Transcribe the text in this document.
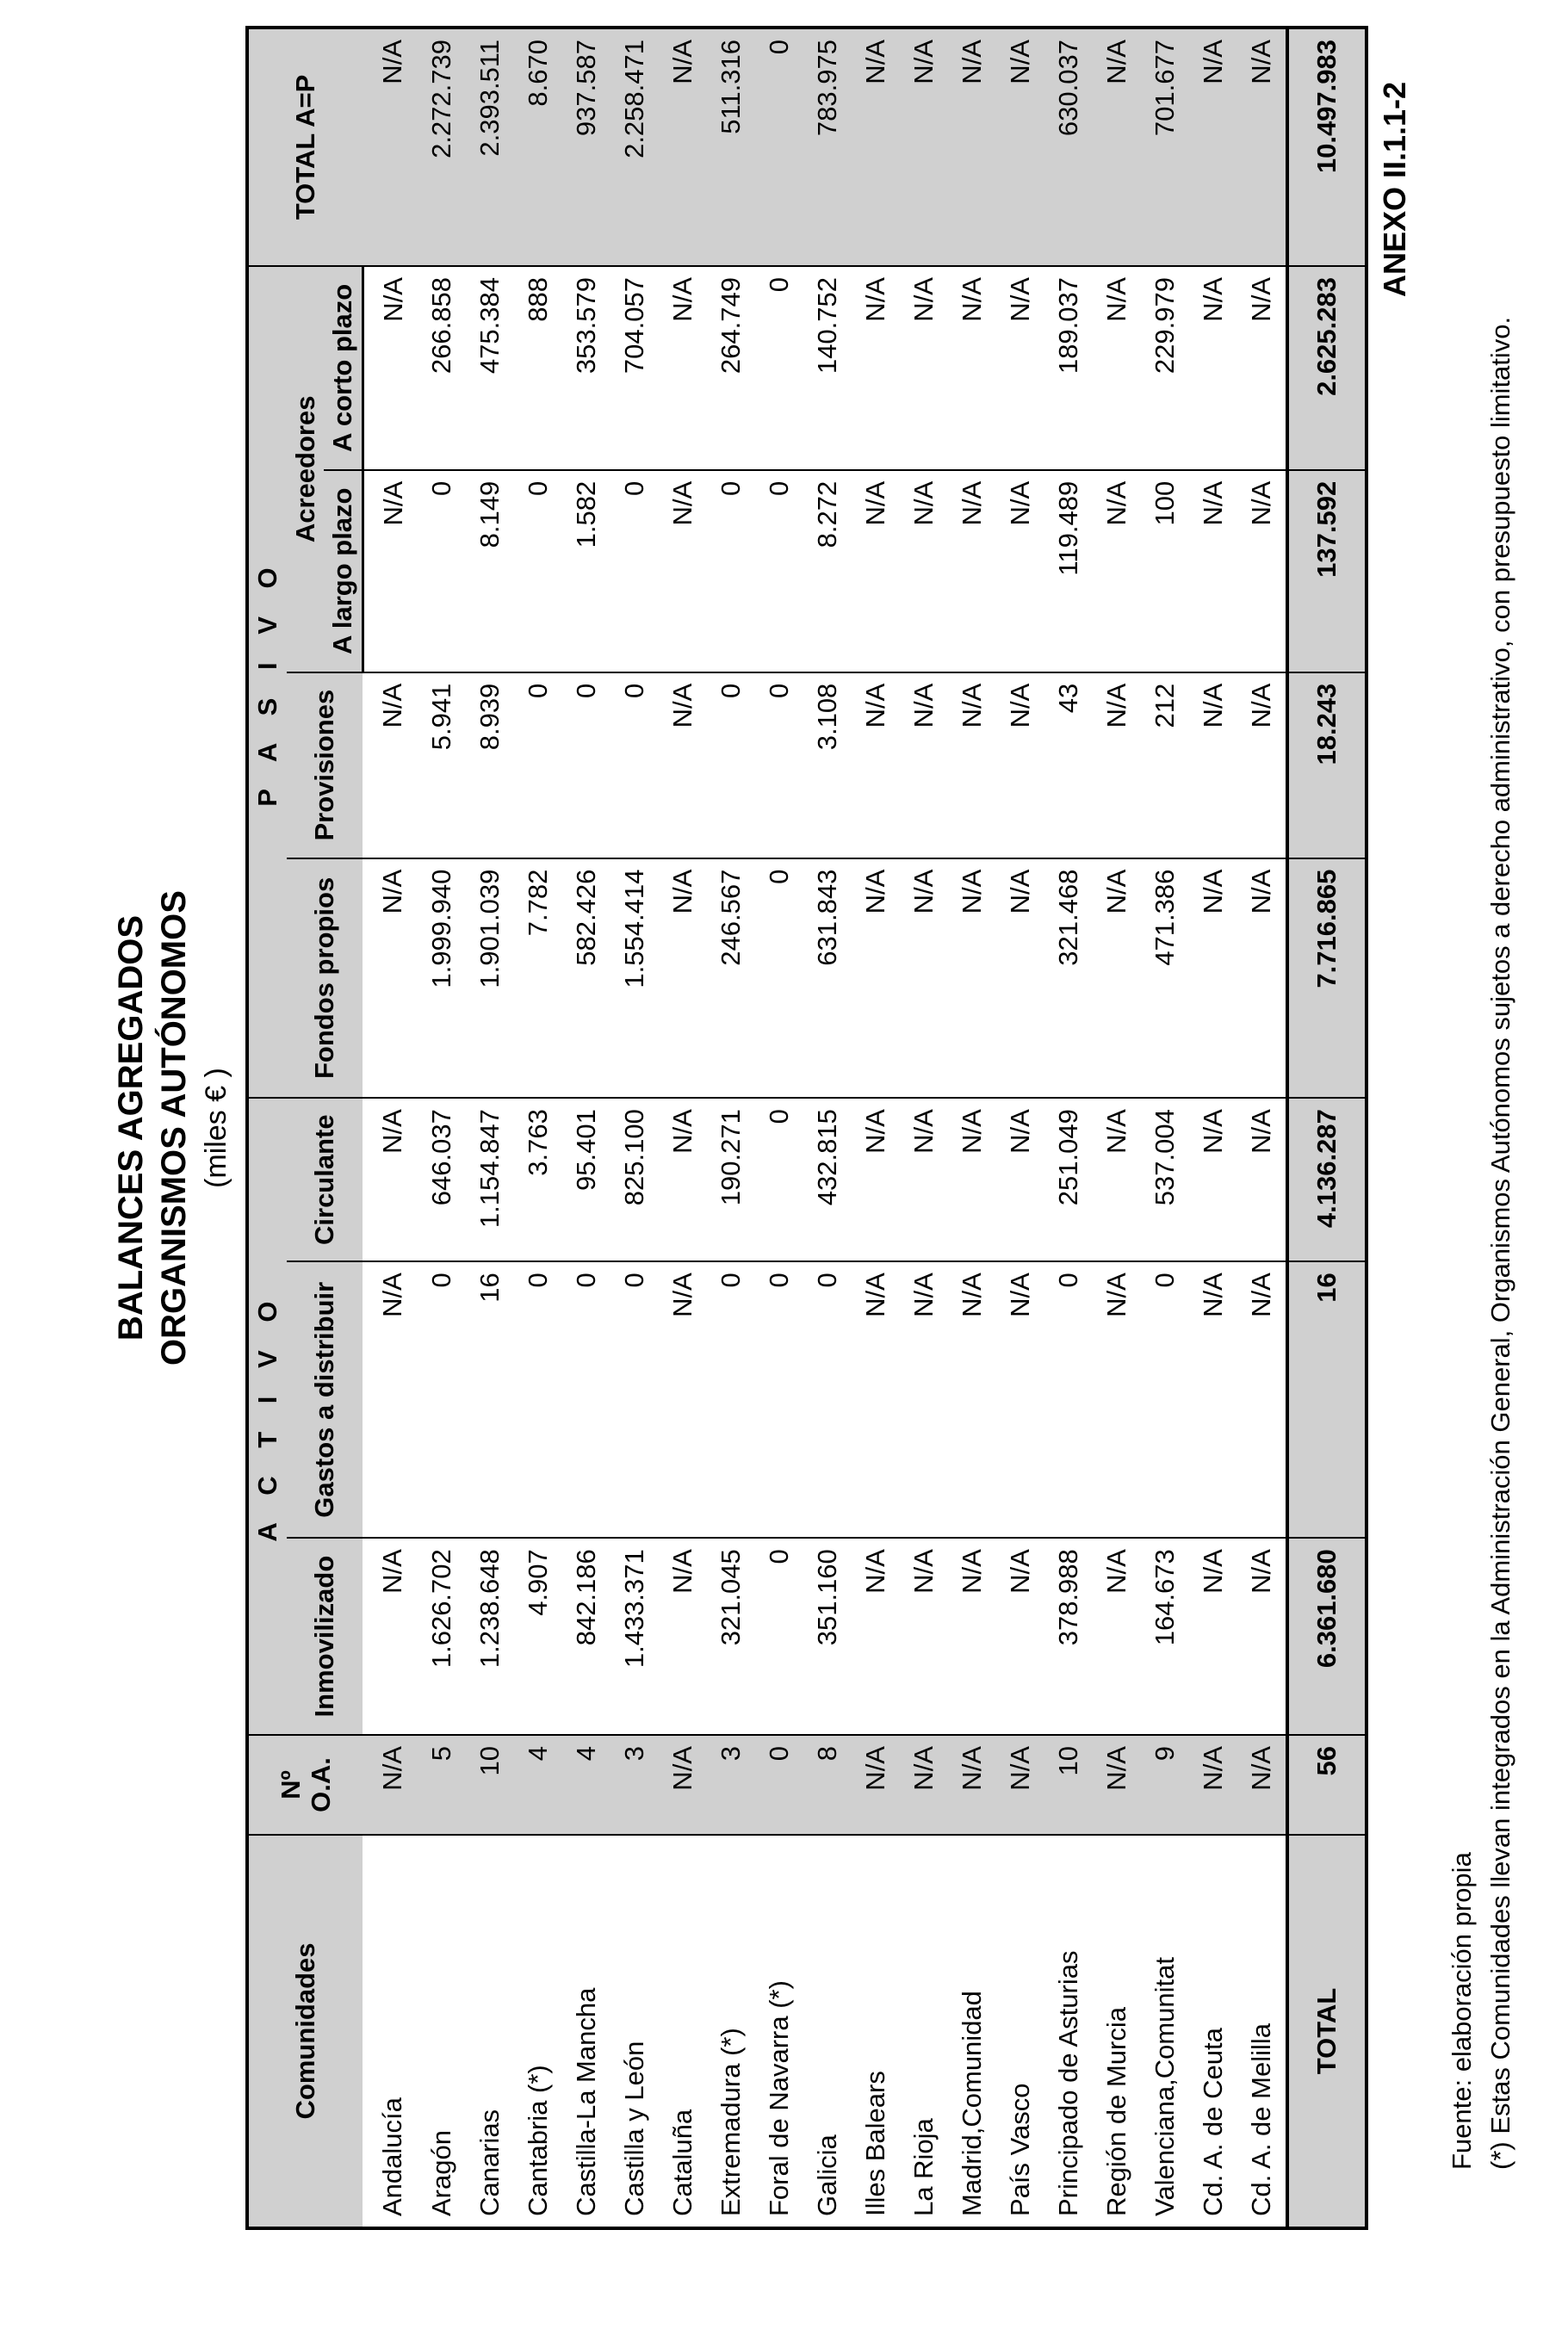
ANEXO II.1.1-2
BALANCES AGREGADOS ORGANISMOS AUTÓNOMOS (miles € )
Comunidades	Nº O.A.	A C T I V O			P A S I V O				TOTAL A=P
		Inmovilizado	Gastos a distribuir	Circulante	Fondos propios	Provisiones	Acreedores		
							A largo plazo	A corto plazo	
Andalucía	N/A	N/A	N/A	N/A	N/A	N/A	N/A	N/A	N/A
Aragón	5	1.626.702	0	646.037	1.999.940	5.941	0	266.858	2.272.739
Canarias	10	1.238.648	16	1.154.847	1.901.039	8.939	8.149	475.384	2.393.511
Cantabria (*)	4	4.907	0	3.763	7.782	0	0	888	8.670
Castilla-La Mancha	4	842.186	0	95.401	582.426	0	1.582	353.579	937.587
Castilla y León	3	1.433.371	0	825.100	1.554.414	0	0	704.057	2.258.471
Cataluña	N/A	N/A	N/A	N/A	N/A	N/A	N/A	N/A	N/A
Extremadura (*)	3	321.045	0	190.271	246.567	0	0	264.749	511.316
Foral de Navarra (*)	0	0	0	0	0	0	0	0	0
Galicia	8	351.160	0	432.815	631.843	3.108	8.272	140.752	783.975
Illes Balears	N/A	N/A	N/A	N/A	N/A	N/A	N/A	N/A	N/A
La Rioja	N/A	N/A	N/A	N/A	N/A	N/A	N/A	N/A	N/A
Madrid,Comunidad	N/A	N/A	N/A	N/A	N/A	N/A	N/A	N/A	N/A
País Vasco	N/A	N/A	N/A	N/A	N/A	N/A	N/A	N/A	N/A
Principado de Asturias	10	378.988	0	251.049	321.468	43	119.489	189.037	630.037
Región de Murcia	N/A	N/A	N/A	N/A	N/A	N/A	N/A	N/A	N/A
Valenciana,Comunitat	9	164.673	0	537.004	471.386	212	100	229.979	701.677
Cd. A. de Ceuta	N/A	N/A	N/A	N/A	N/A	N/A	N/A	N/A	N/A
Cd. A. de Melilla	N/A	N/A	N/A	N/A	N/A	N/A	N/A	N/A	N/A
TOTAL	56	6.361.680	16	4.136.287	7.716.865	18.243	137.592	2.625.283	10.497.983
Fuente: elaboración propia (*) Estas Comunidades llevan integrados en la Administración General, Organismos Autónomos sujetos a derecho administrativo, con presupuesto limitativo.
